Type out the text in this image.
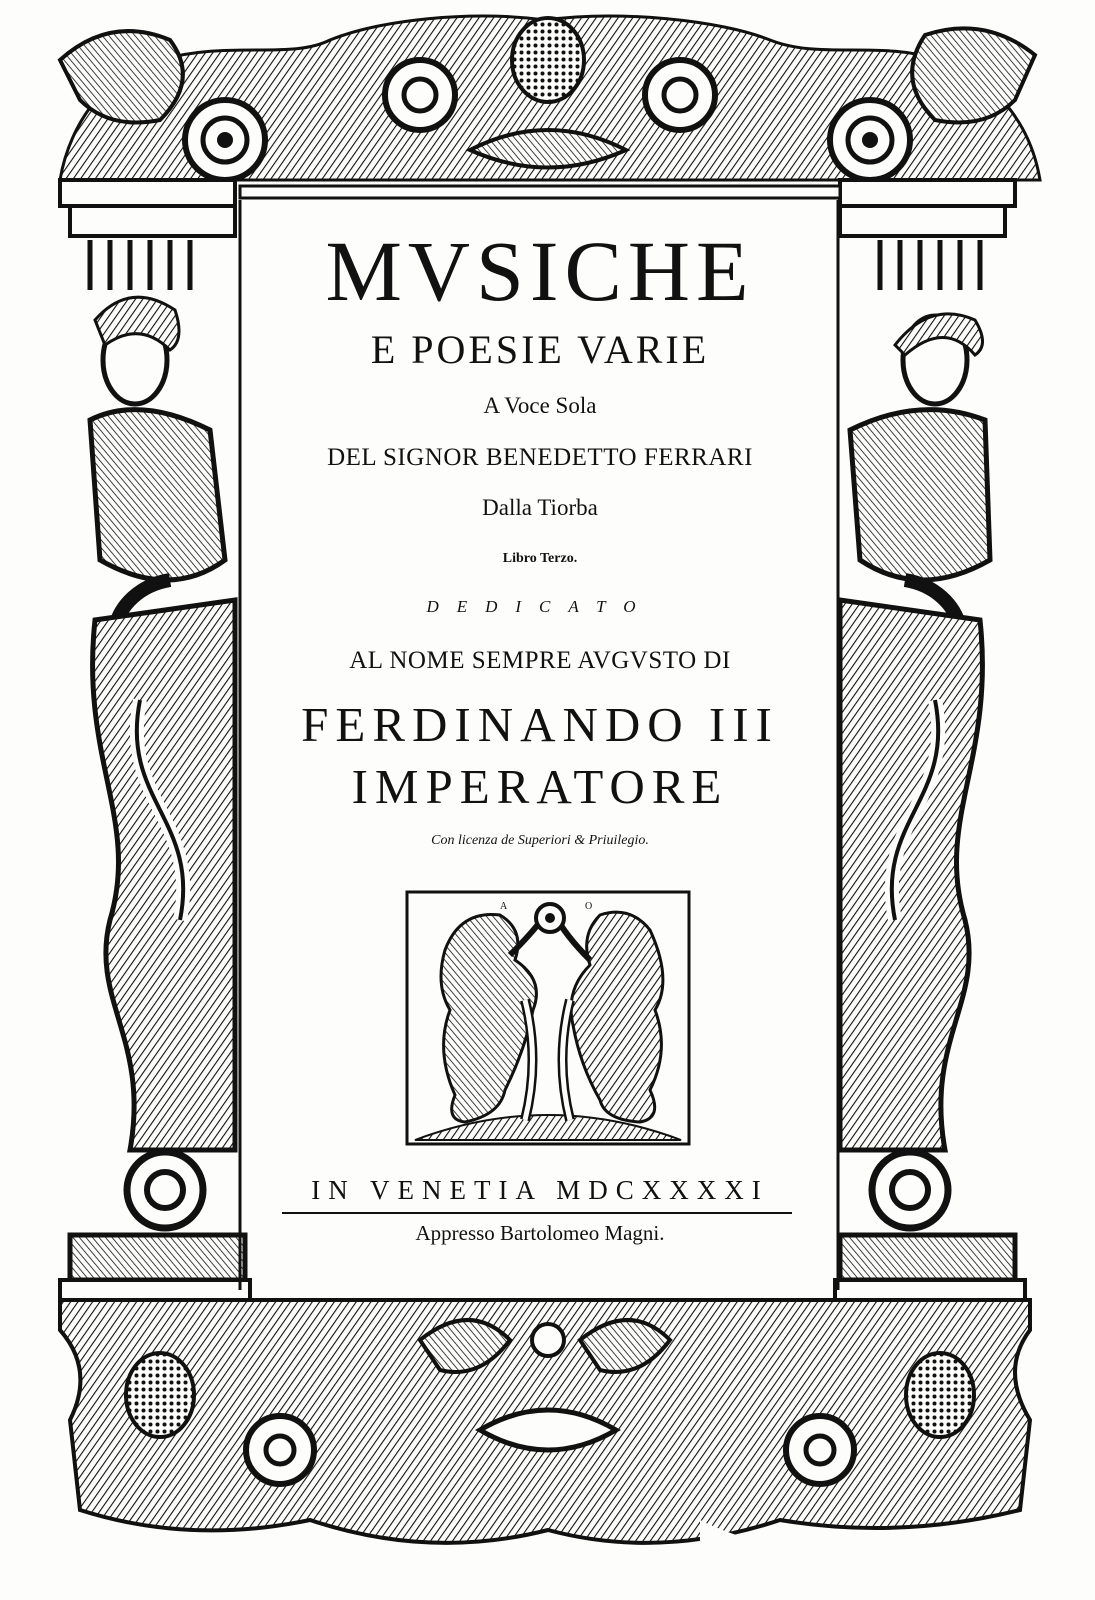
A	O
MVSICHE
E POESIE VARIE
A Voce Sola
DEL SIGNOR BENEDETTO FERRARI
Dalla Tiorba
Libro Terzo.
DEDICATO
AL NOME SEMPRE AVGVSTO DI
FERDINANDO III
IMPERATORE
Con licenza de Superiori & Priuilegio.
IN VENETIA MDCXXXXI
Appresso Bartolomeo Magni.
